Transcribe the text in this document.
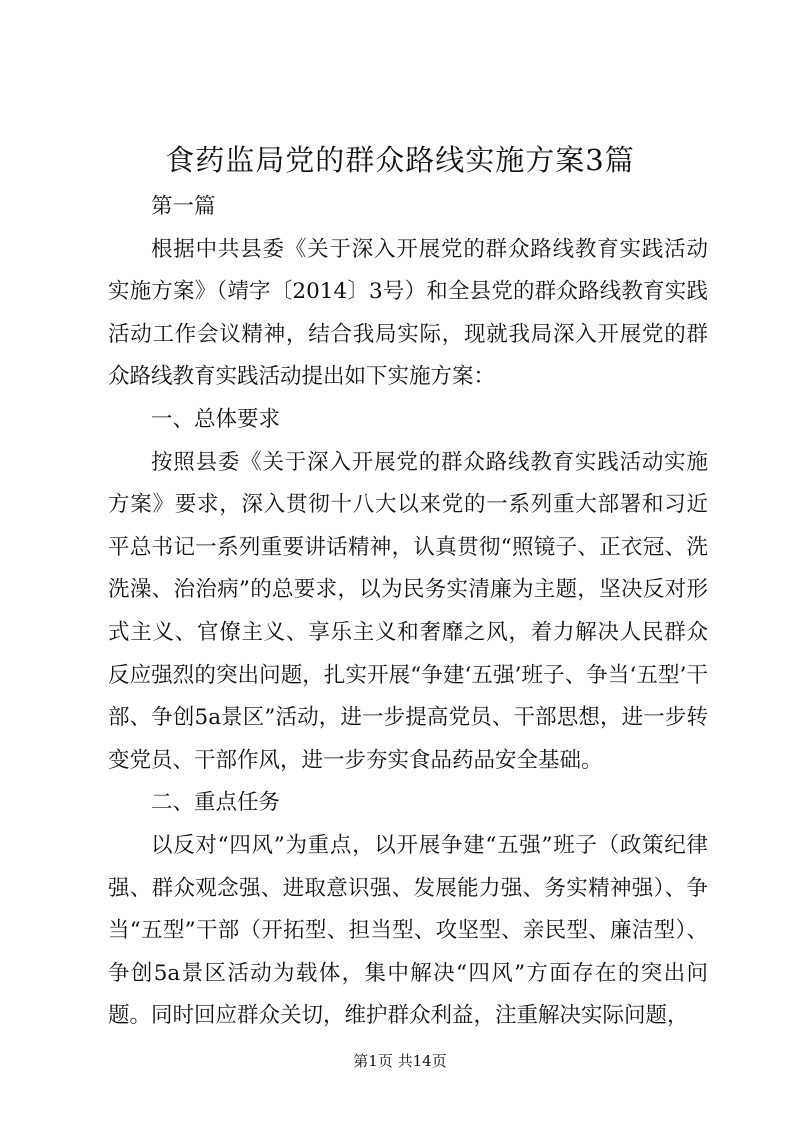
食药监局党的群众路线实施方案3篇

第一篇

根据中共县委《关于深入开展党的群众路线教育实践活动实施方案》（靖字〔2014〕3号）和全县党的群众路线教育实践活动工作会议精神，结合我局实际，现就我局深入开展党的群众路线教育实践活动提出如下实施方案：

一、总体要求

按照县委《关于深入开展党的群众路线教育实践活动实施方案》要求，深入贯彻十八大以来党的一系列重大部署和习近平总书记一系列重要讲话精神，认真贯彻“照镜子、正衣冠、洗洗澡、治治病”的总要求，以为民务实清廉为主题，坚决反对形式主义、官僚主义、享乐主义和奢靡之风，着力解决人民群众反应强烈的突出问题，扎实开展“争建‘五强’班子、争当‘五型’干部、争创5a景区”活动，进一步提高党员、干部思想，进一步转变党员、干部作风，进一步夯实食品药品安全基础。

二、重点任务

以反对“四风”为重点，以开展争建“五强”班子（政策纪律强、群众观念强、进取意识强、发展能力强、务实精神强）、争当“五型”干部（开拓型、担当型、攻坚型、亲民型、廉洁型）、争创5a景区活动为载体，集中解决“四风”方面存在的突出问题。同时回应群众关切，维护群众利益，注重解决实际问题，

第1页 共14页
